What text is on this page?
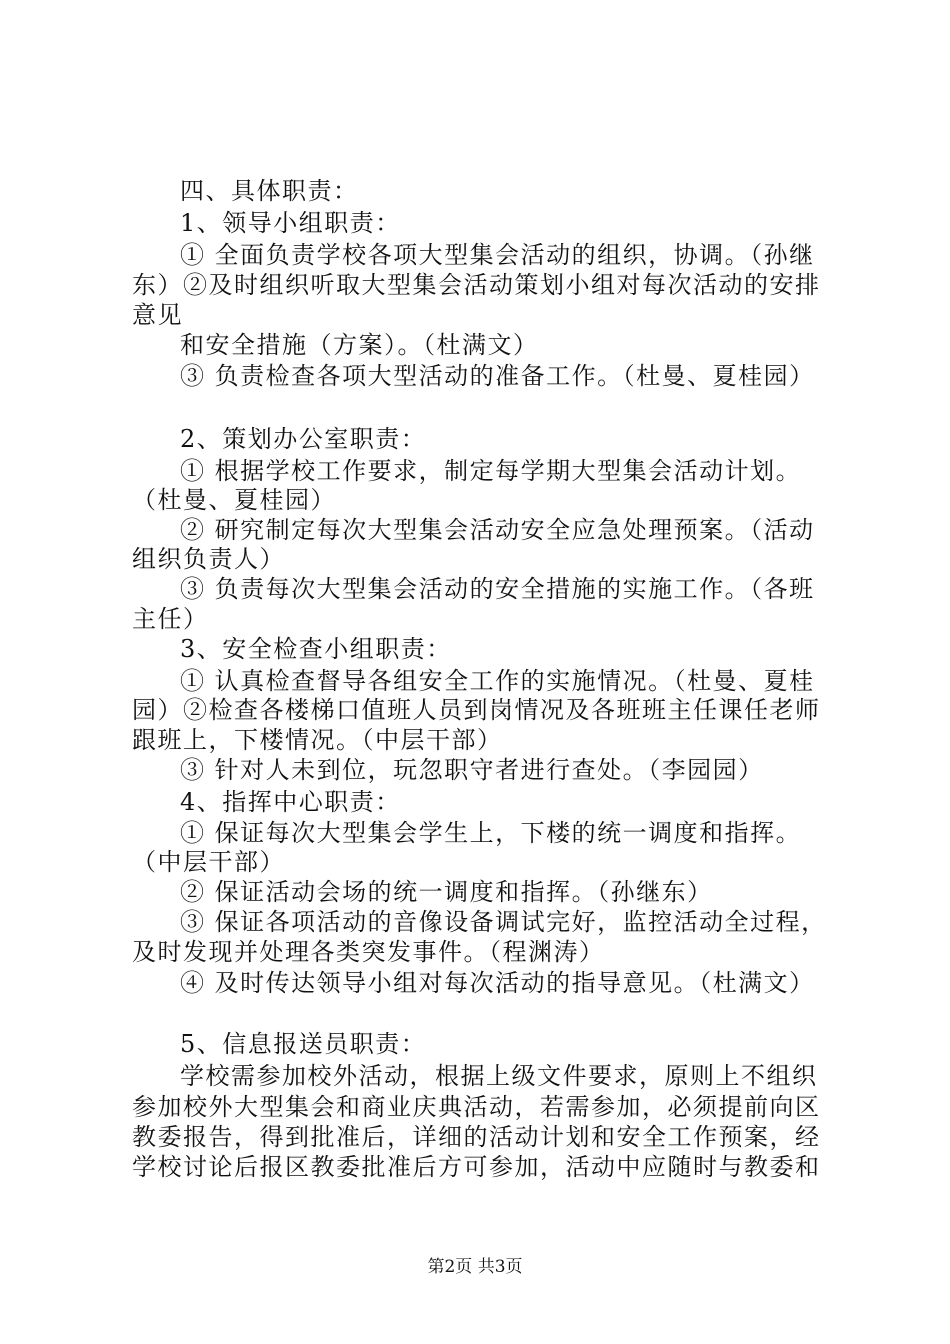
四、具体职责：
1、领导小组职责：
① 全面负责学校各项大型集会活动的组织，协调。（孙继
东）②及时组织听取大型集会活动策划小组对每次活动的安排
意见
和安全措施（方案）。（杜满文）
③ 负责检查各项大型活动的准备工作。（杜曼、夏桂园）
2、策划办公室职责：
① 根据学校工作要求，制定每学期大型集会活动计划。
（杜曼、夏桂园）
② 研究制定每次大型集会活动安全应急处理预案。（活动
组织负责人）
③ 负责每次大型集会活动的安全措施的实施工作。（各班
主任）
3、安全检查小组职责：
① 认真检查督导各组安全工作的实施情况。（杜曼、夏桂
园）②检查各楼梯口值班人员到岗情况及各班班主任课任老师
跟班上，下楼情况。（中层干部）
③ 针对人未到位，玩忽职守者进行查处。（李园园）
4、指挥中心职责：
① 保证每次大型集会学生上，下楼的统一调度和指挥。
（中层干部）
② 保证活动会场的统一调度和指挥。（孙继东）
③ 保证各项活动的音像设备调试完好，监控活动全过程，
及时发现并处理各类突发事件。（程渊涛）
④ 及时传达领导小组对每次活动的指导意见。（杜满文）
5、信息报送员职责：
学校需参加校外活动，根据上级文件要求，原则上不组织
参加校外大型集会和商业庆典活动，若需参加，必须提前向区
教委报告，得到批准后，详细的活动计划和安全工作预案，经
学校讨论后报区教委批准后方可参加，活动中应随时与教委和
第2页 共3页
